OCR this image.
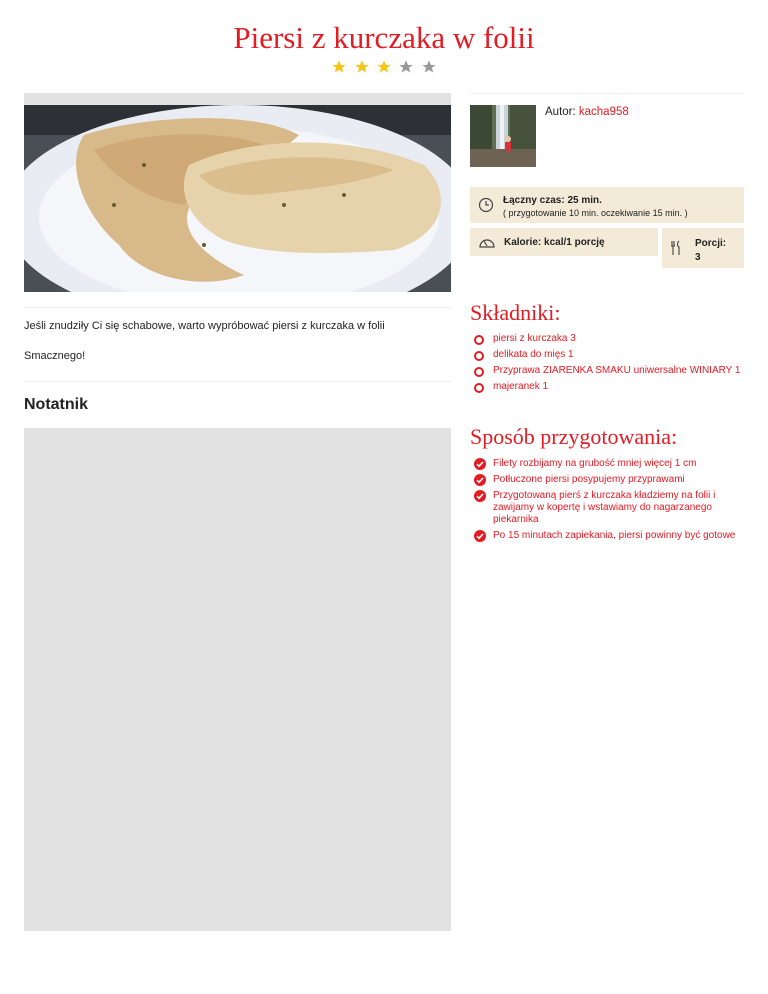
Piersi z kurczaka w folii

Jeśli znudziły Ci się schabowe, warto wypróbować piersi z kurczaka w folii

Smacznego!

Notatnik
Autor: kacha958
Łączny czas: 25 min.
( przygotowanie 10 min. oczekiwanie 15 min. )
Kalorie: kcal/1 porcję	Porcji:
3
Składniki:
piersi z kurczaka 3
delikata do mięs 1
Przyprawa ZIARENKA SMAKU uniwersalne WINIARY 1
majeranek 1
Sposób przygotowania:
Filety rozbijamy na grubość mniej więcej 1 cm
Potłuczone piersi posypujemy przyprawami
Przygotowaną pierś z kurczaka kładziemy na folii i zawijamy w kopertę i wstawiamy do nagarzanego piekarnika
Po 15 minutach zapiekania, piersi powinny być gotowe
